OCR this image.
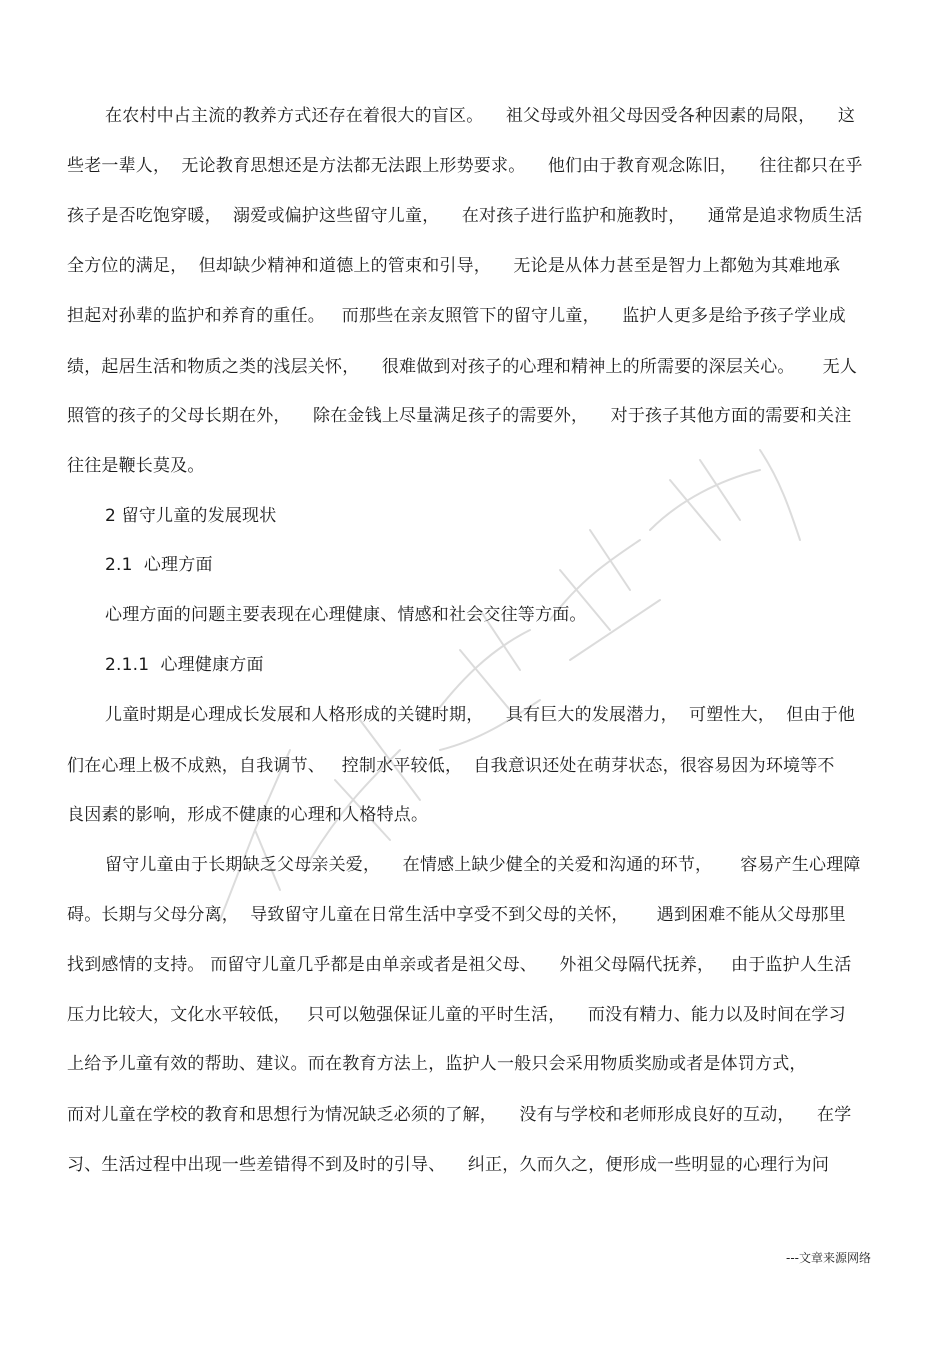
在农村中占主流的教养方式还存在着很大的盲区。    祖父母或外祖父母因受各种因素的局限，    这
些老一辈人，  无论教育思想还是方法都无法跟上形势要求。    他们由于教育观念陈旧，    往往都只在乎
孩子是否吃饱穿暖，  溺爱或偏护这些留守儿童，    在对孩子进行监护和施教时，    通常是追求物质生活
全方位的满足，  但却缺少精神和道德上的管束和引导，    无论是从体力甚至是智力上都勉为其难地承
担起对孙辈的监护和养育的重任。   而那些在亲友照管下的留守儿童，    监护人更多是给予孩子学业成
绩，起居生活和物质之类的浅层关怀，    很难做到对孩子的心理和精神上的所需要的深层关心。     无人
照管的孩子的父母长期在外，    除在金钱上尽量满足孩子的需要外，    对于孩子其他方面的需要和关注
往往是鞭长莫及。
2 留守儿童的发展现状
2.1  心理方面
心理方面的问题主要表现在心理健康、情感和社会交往等方面。
2.1.1  心理健康方面
儿童时期是心理成长发展和人格形成的关键时期，    具有巨大的发展潜力，  可塑性大，  但由于他
们在心理上极不成熟，自我调节、   控制水平较低，  自我意识还处在萌芽状态，很容易因为环境等不
良因素的影响，形成不健康的心理和人格特点。
留守儿童由于长期缺乏父母亲关爱，    在情感上缺少健全的关爱和沟通的环节，     容易产生心理障
碍。长期与父母分离，  导致留守儿童在日常生活中享受不到父母的关怀，     遇到困难不能从父母那里
找到感情的支持。 而留守儿童几乎都是由单亲或者是祖父母、    外祖父母隔代抚养，   由于监护人生活
压力比较大，文化水平较低，   只可以勉强保证儿童的平时生活，    而没有精力、能力以及时间在学习
上给予儿童有效的帮助、建议。而在教育方法上，监护人一般只会采用物质奖励或者是体罚方式，
而对儿童在学校的教育和思想行为情况缺乏必须的了解，    没有与学校和老师形成良好的互动，    在学
习、生活过程中出现一些差错得不到及时的引导、    纠正，久而久之，便形成一些明显的心理行为问
---文章来源网络
